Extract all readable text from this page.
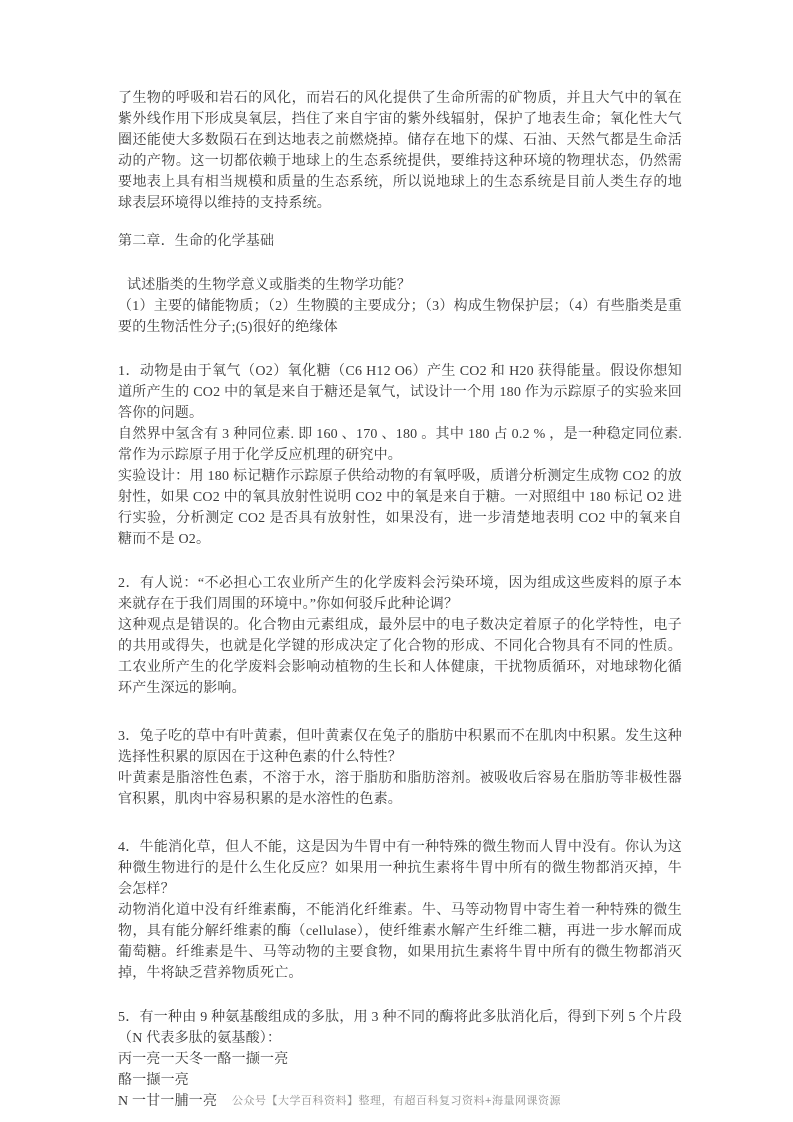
了生物的呼吸和岩石的风化，而岩石的风化提供了生命所需的矿物质，并且大气中的氧在紫外线作用下形成臭氧层，挡住了来自宇宙的紫外线辐射，保护了地表生命；氧化性大气圈还能使大多数陨石在到达地表之前燃烧掉。储存在地下的煤、石油、天然气都是生命活动的产物。这一切都依赖于地球上的生态系统提供，要维持这种环境的物理状态，仍然需要地表上具有相当规模和质量的生态系统，所以说地球上的生态系统是目前人类生存的地球表层环境得以维持的支持系统。

第二章．生命的化学基础

试述脂类的生物学意义或脂类的生物学功能？

（1）主要的储能物质；（2）生物膜的主要成分；（3）构成生物保护层；（4）有些脂类是重要的生物活性分子;(5)很好的绝缘体

1．动物是由于氧气（O2）氧化糖（C6 H12 O6）产生 CO2 和 H20 获得能量。假设你想知道所产生的 CO2 中的氧是来自于糖还是氧气，试设计一个用 180 作为示踪原子的实验来回答你的问题。

自然界中氢含有 3 种同位素. 即 160 、170 、180 。其中 180 占 0.2 % ，是一种稳定同位素. 常作为示踪原子用于化学反应机理的研究中。

实验设计：用 180 标记糖作示踪原子供给动物的有氧呼吸，质谱分析测定生成物 CO2 的放射性，如果 CO2 中的氧具放射性说明 CO2 中的氧是来自于糖。一对照组中 180 标记 O2 进行实验，分析测定 CO2 是否具有放射性，如果没有，进一步清楚地表明 CO2 中的氧来自糖而不是 O2。

2．有人说：“不必担心工农业所产生的化学废料会污染环境，因为组成这些废料的原子本来就存在于我们周围的环境中。”你如何驳斥此种论调？

这种观点是错误的。化合物由元素组成，最外层中的电子数决定着原子的化学特性，电子的共用或得失，也就是化学键的形成决定了化合物的形成、不同化合物具有不同的性质。工农业所产生的化学废料会影响动植物的生长和人体健康，干扰物质循环，对地球物化循环产生深远的影响。

3．兔子吃的草中有叶黄素，但叶黄素仅在兔子的脂肪中积累而不在肌肉中积累。发生这种选择性积累的原因在于这种色素的什么特性？

叶黄素是脂溶性色素，不溶于水，溶于脂肪和脂肪溶剂。被吸收后容易在脂肪等非极性器官积累，肌肉中容易积累的是水溶性的色素。

4．牛能消化草，但人不能，这是因为牛胃中有一种特殊的微生物而人胃中没有。你认为这种微生物进行的是什么生化反应？如果用一种抗生素将牛胃中所有的微生物都消灭掉，牛会怎样？

动物消化道中没有纤维素酶，不能消化纤维素。牛、马等动物胃中寄生着一种特殊的微生物，具有能分解纤维素的酶（cellulase），使纤维素水解产生纤维二糖，再进一步水解而成葡萄糖。纤维素是牛、马等动物的主要食物，如果用抗生素将牛胃中所有的微生物都消灭掉，牛将缺乏营养物质死亡。

5．有一种由 9 种氨基酸组成的多肽，用 3 种不同的酶将此多肽消化后，得到下列 5 个片段（N 代表多肽的氨基酸）：

丙一亮一天冬一酪一撷一亮

酪一撷一亮

N 一甘一脯一亮	公众号【大学百科资料】整理，有超百科复习资料+海量网课资源
